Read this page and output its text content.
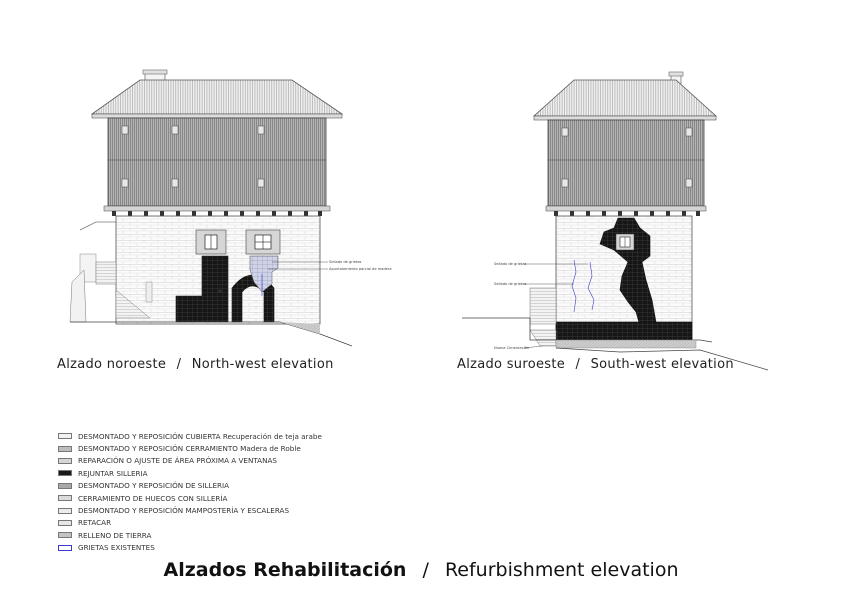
Sellado de grietas
Apuntalamiento parcial de madera
Sellado de grietas
Sellado de grietas
Nueva Cimentación
Alzado noroeste / North-west elevation	Alzado suroeste / South-west elevation
DESMONTADO Y REPOSICIÓN CUBIERTA Recuperación de teja arabe
DESMONTADO Y REPOSICIÓN CERRAMIENTO Madera de Roble
REPARACIÓN O AJUSTE DE ÁREA PRÓXIMA A VENTANAS
REJUNTAR SILLERIA
DESMONTADO Y REPOSICIÓN DE SILLERIA
CERRAMIENTO DE HUECOS CON SILLERÍA
DESMONTADO Y REPOSICIÓN MAMPOSTERÍA Y ESCALERAS
RETACAR
RELLENO DE TIERRA
GRIETAS EXISTENTES
Alzados Rehabilitación / Refurbishment elevation
